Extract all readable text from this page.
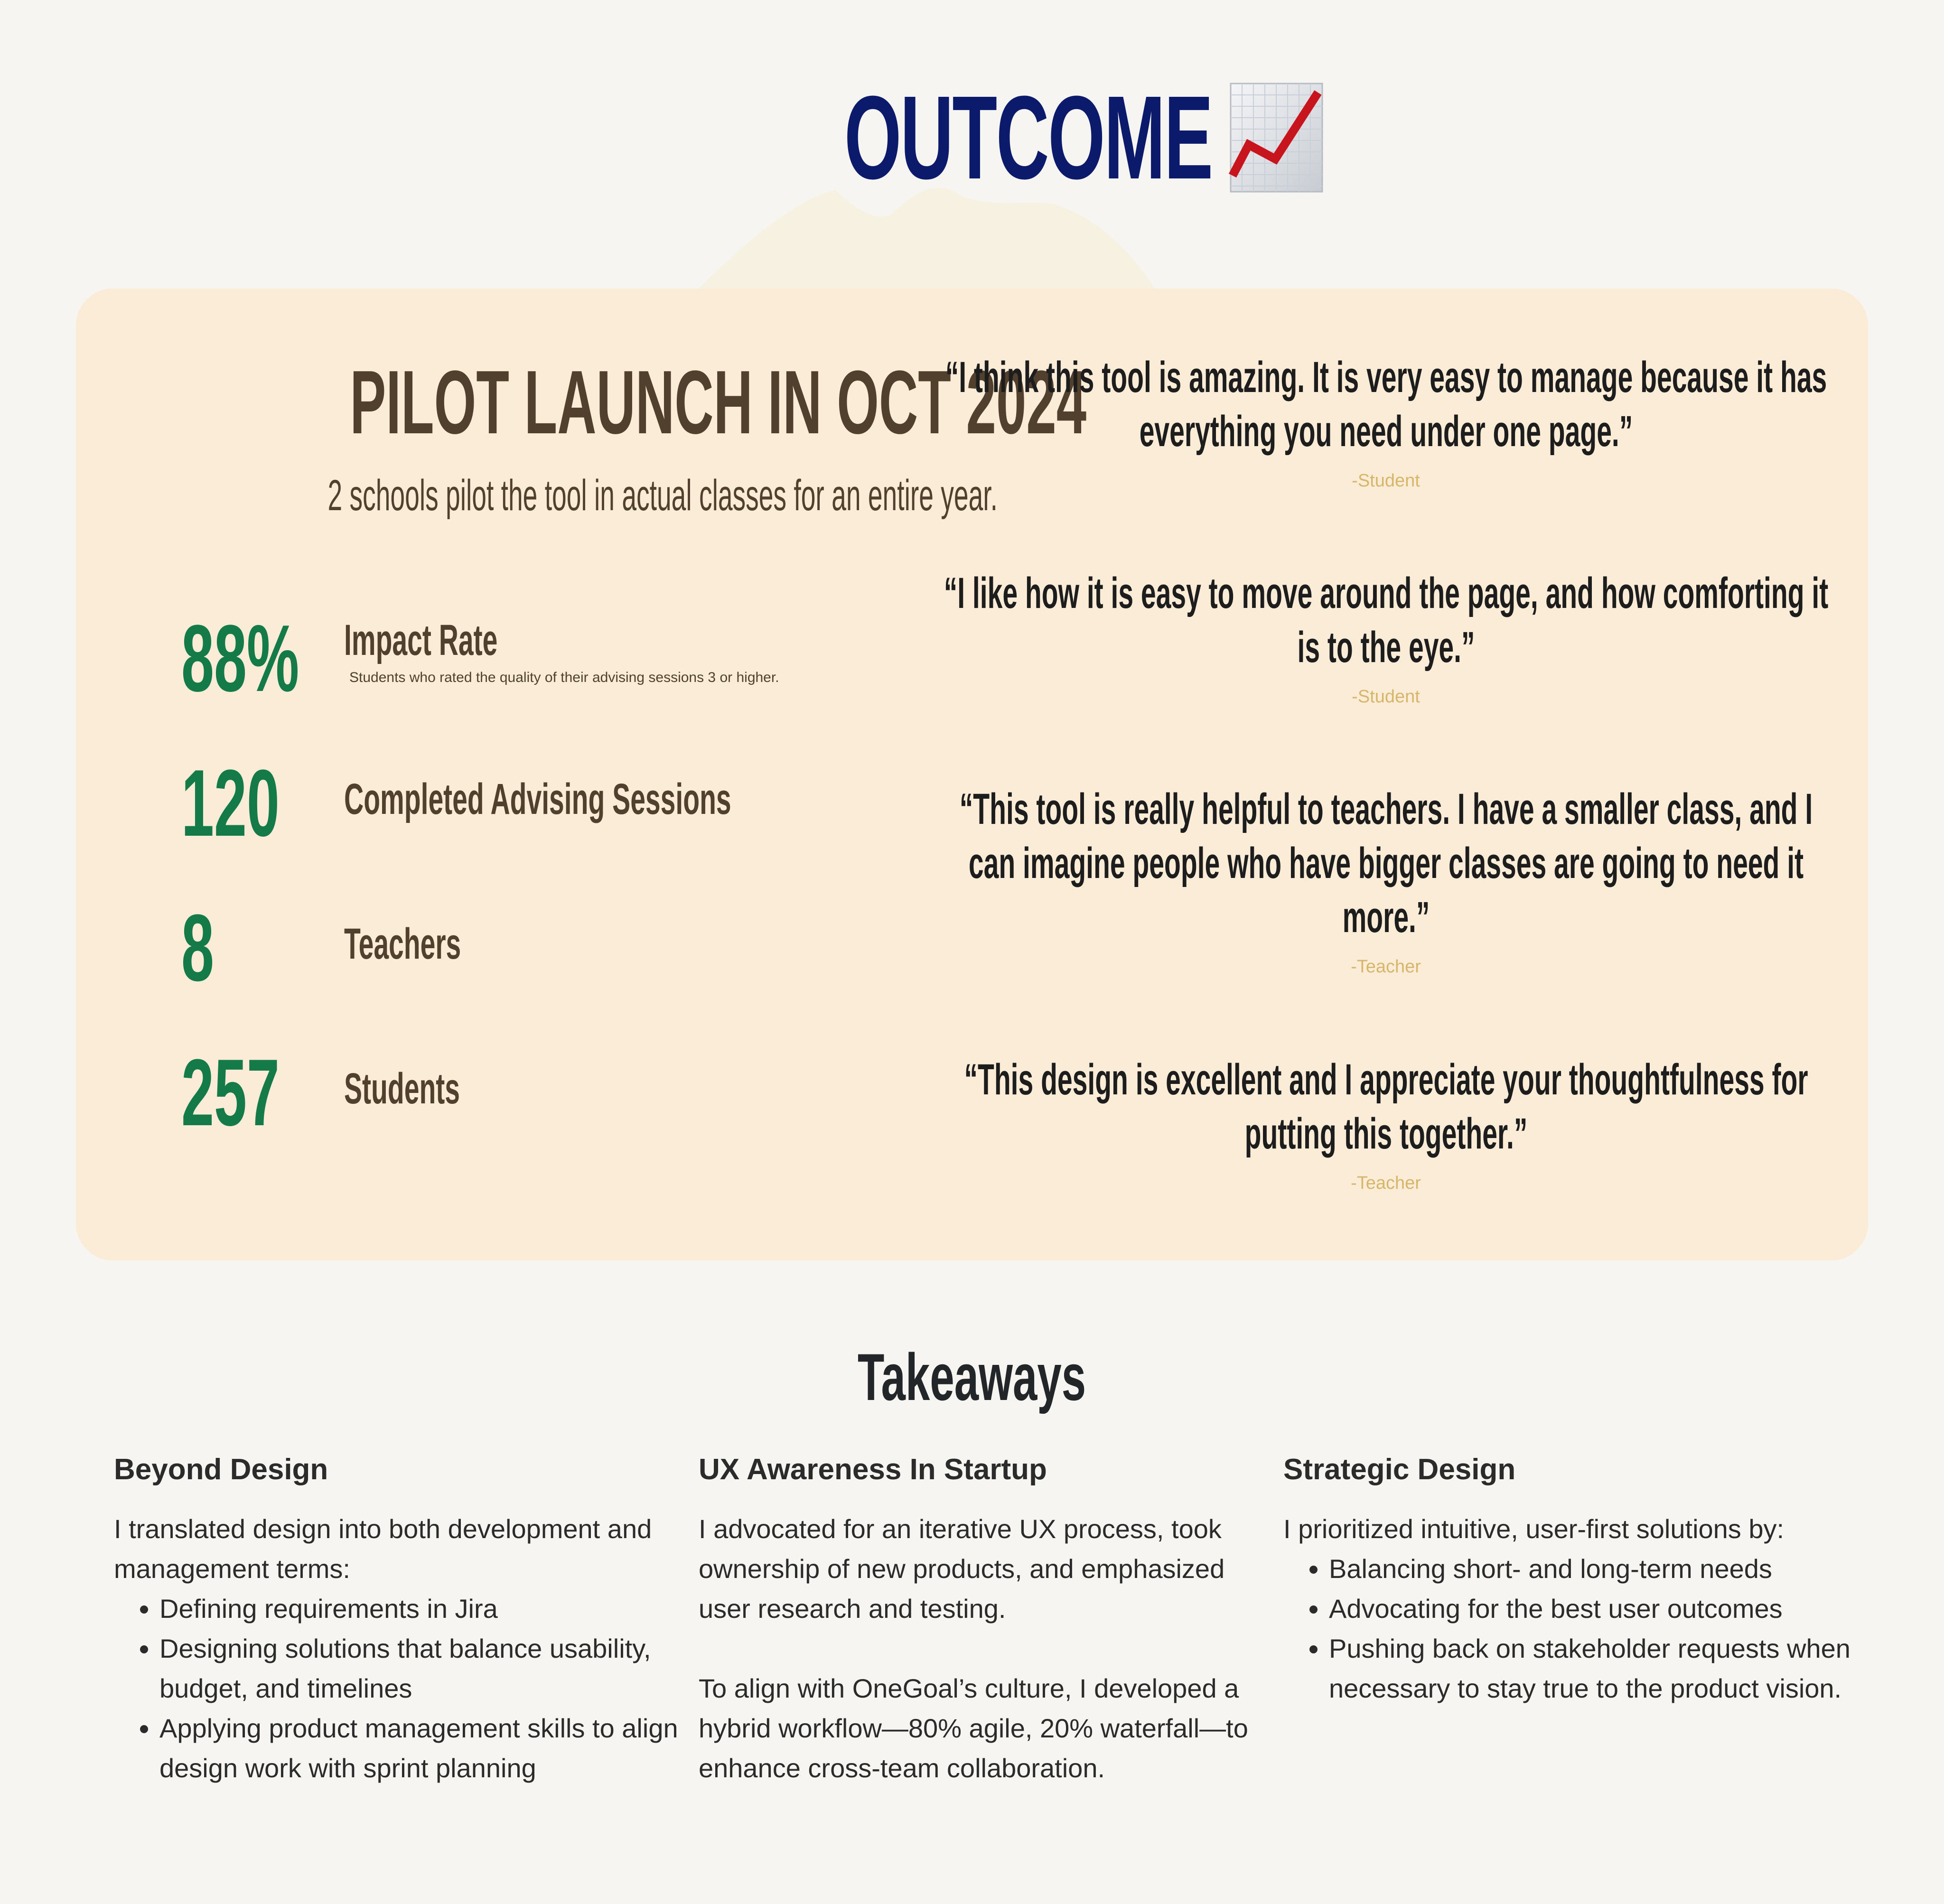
OUTCOME
PILOT LAUNCH IN OCT 2024
2 schools pilot the tool in actual classes for an entire year.
88% Impact Rate
Students who rated the quality of their advising sessions 3 or higher.
120 Completed Advising Sessions
8	Teachers
257 Students
“I think this tool is amazing. It is very easy to manage because it has everything you need under one page.”
-Student
“I like how it is easy to move around the page, and how comforting it is to the eye.”
-Student
“This tool is really helpful to teachers. I have a smaller class, and I can imagine people who have bigger classes are going to need it more.”
-Teacher
“This design is excellent and I appreciate your thoughtfulness for putting this together.”
-Teacher
Takeaways
Beyond Design

I translated design into both development and management terms:

• Defining requirements in Jira
• Designing solutions that balance usability, budget, and timelines
• Applying product management skills to align design work with sprint planning
UX Awareness In Startup

I advocated for an iterative UX process, took ownership of new products, and emphasized user research and testing.

To align with OneGoal’s culture, I developed a hybrid workflow—80% agile, 20% waterfall—to enhance cross-team collaboration.

Strategic Design

I prioritized intuitive, user-first solutions by:

• Balancing short- and long-term needs
• Advocating for the best user outcomes
• Pushing back on stakeholder requests when necessary to stay true to the product vision.
